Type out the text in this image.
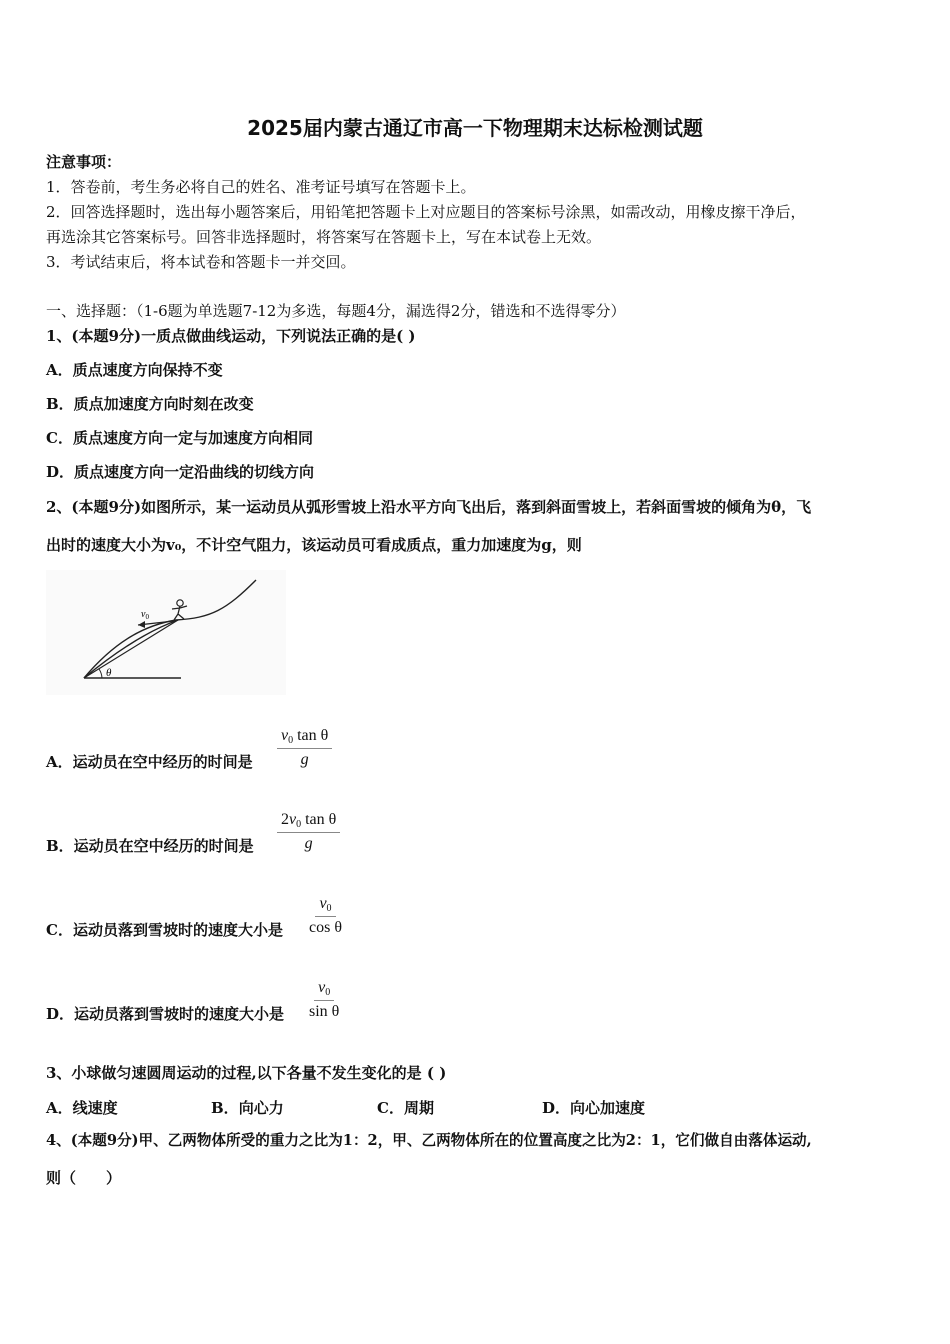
2025届内蒙古通辽市高一下物理期末达标检测试题
注意事项：
1．答卷前，考生务必将自己的姓名、准考证号填写在答题卡上。
2．回答选择题时，选出每小题答案后，用铅笔把答题卡上对应题目的答案标号涂黑，如需改动，用橡皮擦干净后，
再选涂其它答案标号。回答非选择题时，将答案写在答题卡上，写在本试卷上无效。
3．考试结束后，将本试卷和答题卡一并交回。
一、选择题：（1-6题为单选题7-12为多选，每题4分，漏选得2分，错选和不选得零分）
1、(本题9分)一质点做曲线运动，下列说法正确的是( )
A．质点速度方向保持不变
B．质点加速度方向时刻在改变
C．质点速度方向一定与加速度方向相同
D．质点速度方向一定沿曲线的切线方向
2、(本题9分)如图所示，某一运动员从弧形雪坡上沿水平方向飞出后，落到斜面雪坡上，若斜面雪坡的倾角为θ，飞
出时的速度大小为v₀，不计空气阻力，该运动员可看成质点，重力加速度为g，则
θ
$v_0$
A．运动员在空中经历的时间是 $\frac{v_0 \tan \theta}{g}$
B．运动员在空中经历的时间是 $\frac{2v_0 \tan \theta}{g}$
C．运动员落到雪坡时的速度大小是 $\frac{v_0}{\text{cos θ}}$
D．运动员落到雪坡时的速度大小是 $\frac{v_0}{\text{sin θ}}$
3、小球做匀速圆周运动的过程,以下各量不发生变化的是 ( )
A．线速度	B．向心力	C．周期	D．向心加速度
4、(本题9分)甲、乙两物体所受的重力之比为1：2，甲、乙两物体所在的位置高度之比为2：1，它们做自由落体运动,
则（　　）
